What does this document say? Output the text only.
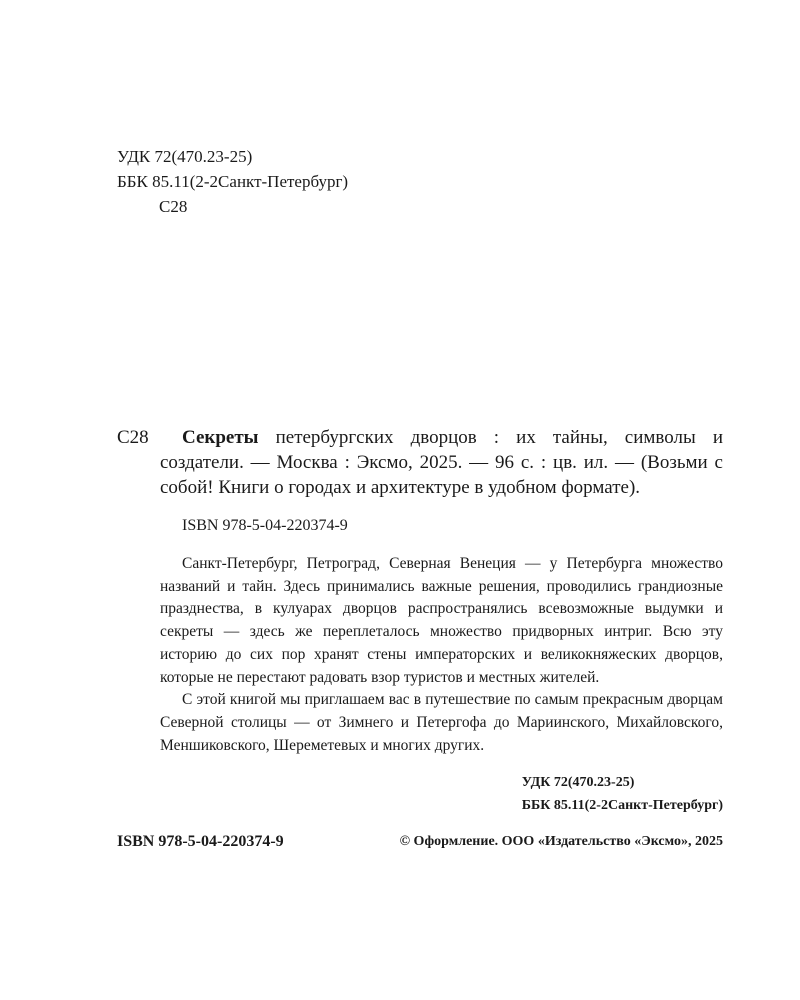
УДК 72(470.23-25)
ББК 85.11(2-2Санкт-Петербург)
С28
С28	Секреты петербургских дворцов : их тайны, символы и создатели. — Москва : Эксмо, 2025. — 96 с. : цв. ил. — (Возьми с собой! Книги о городах и архитектуре в удобном формате).
ISBN 978-5-04-220374-9

Санкт-Петербург, Петроград, Северная Венеция — у Петербурга множество названий и тайн. Здесь принимались важные решения, проводились грандиозные празднества, в кулуарах дворцов распространялись всевозможные выдумки и секреты — здесь же переплеталось множество придворных интриг. Всю эту историю до сих пор хранят стены императорских и великокняжеских дворцов, которые не перестают радовать взор туристов и местных жителей.

С этой книгой мы приглашаем вас в путешествие по самым прекрасным дворцам Северной столицы — от Зимнего и Петергофа до Мариинского, Михайловского, Меншиковского, Шереметевых и многих других.

УДК 72(470.23-25)
ББК 85.11(2-2Санкт-Петербург)
ISBN 978-5-04-220374-9	© Оформление. ООО «Издательство «Эксмо», 2025
